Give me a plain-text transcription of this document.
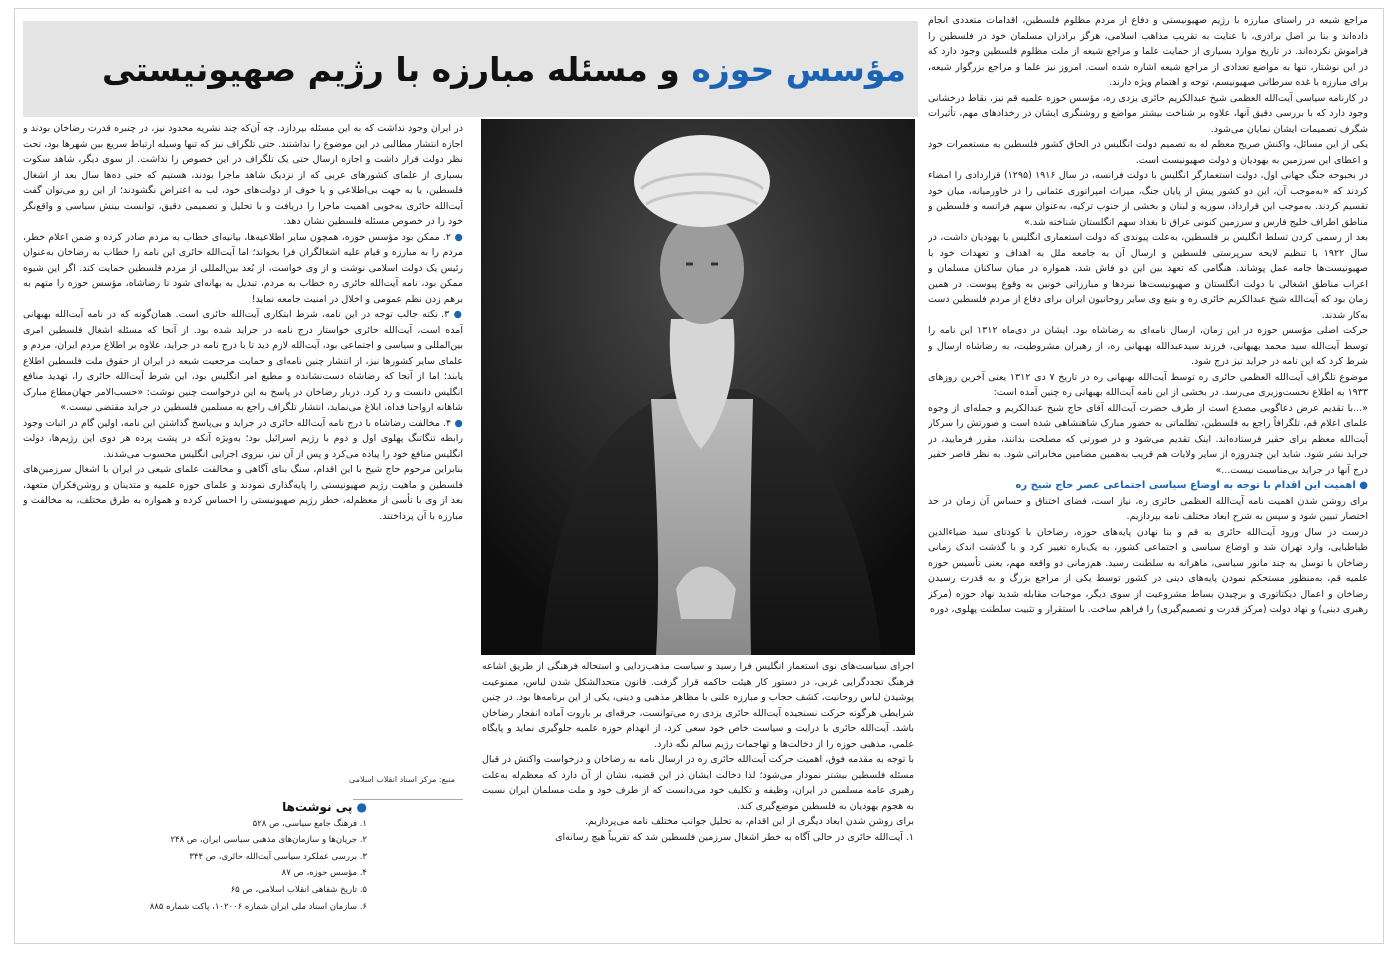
مراجع شیعه در راستای مبارزه با رژیم صهیونیستی و دفاع از مردم مظلوم فلسطین، اقدامات متعددی انجام داده‌اند و بنا بر اصل برادری، با عنایت به تقریب مذاهب اسلامی، هرگز برادران مسلمان خود در فلسطین را فراموش نکرده‌اند. در تاریخ موارد بسیاری از حمایت علما و مراجع شیعه از ملت مظلوم فلسطین وجود دارد که در این نوشتار، تنها به مواضع تعدادی از مراجع شیعه اشاره شده است. امروز نیز علما و مراجع بزرگوار شیعه، برای مبارزه با غده سرطانی صهیونیسم، توجه و اهتمام ویژه دارند.

در کارنامه سیاسی آیت‌الله العظمی شیخ عبدالکریم حائری یزدی ره، مؤسس حوزه علمیه قم نیز، نقاط درخشانی وجود دارد که با بررسی دقیق آنها، علاوه بر شناخت بیشتر مواضع و روشنگری ایشان در رخدادهای مهم، تأثیرات شگرف تصمیمات ایشان نمایان می‌شود.

یکی از این مسائل، واکنش صریح معظم له به تصمیم دولت انگلیس در الحاق کشور فلسطین به مستعمرات خود و اعطای این سرزمین به یهودیان و دولت صهیونیست است.

در بحبوحه جنگ جهانی اول، دولت استعمارگر انگلیس با دولت فرانسه، در سال ۱۹۱۶ (۱۲۹۵) قراردادی را امضاء کردند که «به‌موجب آن، این دو کشور پیش از پایان جنگ، میراث امپراتوری عثمانی را در خاورمیانه، میان خود تقسیم کردند. به‌موجب این قرارداد، سوریه و لبنان و بخشی از جنوب ترکیه، به‌عنوان سهم فرانسه و فلسطین و مناطق اطراف خلیج فارس و سرزمین کنونی عراق تا بغداد سهم انگلستان شناخته شد.»

بعد از رسمی کردن تسلط انگلیس بر فلسطین، به‌علت پیوندی که دولت استعماری انگلیس با یهودیان داشت، در سال ۱۹۲۲ با تنظیم لایحه سرپرستی فلسطین و ارسال آن به جامعه ملل به اهداف و تعهدات خود با صهیونیست‌ها جامه عمل پوشاند. هنگامی که تعهد بین این دو فاش شد، همواره در میان ساکنان مسلمان و اعراب مناطق اشغالی با دولت انگلستان و صهیونیست‌ها نبردها و مبارزاتی خونین به وقوع پیوست. در همین زمان بود که آیت‌الله شیخ عبدالکریم حائری ره و بتبع وی سایر روحانیون ایران برای دفاع از مردم فلسطین دست به‌کار شدند.

حرکت اصلی مؤسس حوزه در این زمان، ارسال نامه‌ای به رضاشاه بود. ایشان در دی‌ماه ۱۳۱۲ این نامه را توسط آیت‌الله سید محمد بهبهانی، فرزند سیدعبدالله بهبهانی ره، از رهبران مشروطیت، به رضاشاه ارسال و شرط کرد که این نامه در جراید نیز درج شود.

موضوع تلگراف آیت‌الله العظمی حائری ره توسط آیت‌الله بهبهانی ره در تاریخ ۷ دی ۱۳۱۲ یعنی آخرین روزهای ۱۹۳۳ به اطلاع نخست‌وزیری می‌رسد. در بخشی از این نامه آیت‌الله بهبهانی ره چنین آمده است:

«...با تقدیم عرض دعاگویی مصدع است از طرف حضرت آیت‌الله آقای حاج شیخ عبدالکریم و جمله‌ای از وجوه علمای اعلام قم، تلگرافاً راجع به فلسطین، تظلماتی به حضور مبارک شاهنشاهی شده است و صورتش را سرکار آیت‌الله معظم برای حقیر فرستاده‌اند. اینک تقدیم می‌شود و در صورتی که مصلحت بدانند، مقرر فرمایید، در جراید نشر شود. شاید این چندروزه از سایر ولایات هم قریب به‌همین مضامین مخابراتی شود. به نظر قاصر حقیر درج آنها در جراید بی‌مناسبت نیست...»

● اهمیت این اقدام با توجه به اوضاع سیاسی اجتماعی عصر حاج شیخ ره

برای روشن شدن اهمیت نامه آیت‌الله العظمی حائری ره، نیاز است، فضای اختناق و حساس آن زمان در حد اختصار تبیین شود و سپس به شرح ابعاد مختلف نامه بپردازیم.

درست در سال ورود آیت‌الله حائری به قم و بنا نهادن پایه‌های حوزه، رضاخان با کودتای سید ضیاءالدین طباطبایی، وارد تهران شد و اوضاع سیاسی و اجتماعی کشور، به یک‌باره تغییر کرد و با گذشت اندک زمانی رضاخان با توسل به چند مانور سیاسی، ماهرانه به سلطنت رسید. هم‌زمانی دو واقعه مهم، یعنی تأسیس حوزه علمیه قم، به‌منظور مستحکم نمودن پایه‌های دینی در کشور توسط یکی از مراجع بزرگ و به قدرت رسیدن رضاخان و اعمال دیکتاتوری و برچیدن بساط مشروعیت از سوی دیگر، موجبات مقابله شدید نهاد حوزه (مرکز رهبری دینی) و نهاد دولت (مرکز قدرت و تصمیم‌گیری) را فراهم ساخت. با استقرار و تثبیت سلطنت پهلوی، دوره

مؤسس حوزه و مسئله مبارزه با رژیم صهیونیستی

اجرای سیاست‌های نوی استعمار انگلیس فرا رسید و سیاست مذهب‌زدایی و استحاله فرهنگی از طریق اشاعه فرهنگ تجددگرایی غربی، در دستور کار هیئت حاکمه قرار گرفت. قانون متحدالشکل شدن لباس، ممنوعیت پوشیدن لباس روحانیت، کشف حجاب و مبارزه علنی با مظاهر مذهبی و دینی، یکی از این برنامه‌ها بود. در چنین شرایطی هرگونه حرکت نسنجیده آیت‌الله حائری یزدی ره می‌توانست، جرقه‌ای بر باروت آماده انفجار رضاخان باشد. آیت‌الله حائری با درایت و سیاست خاص خود سعی کرد، از انهدام حوزه علمیه جلوگیری نماید و پایگاه علمی، مذهبی حوزه را از دخالت‌ها و تهاجمات رژیم سالم نگه دارد.

با توجه به مقدمه فوق، اهمیت حرکت آیت‌الله حائری ره در ارسال نامه به رضاخان و درخواست واکنش در قبال مسئله فلسطین بیشتر نمودار می‌شود؛ لذا دخالت ایشان در این قضیه، نشان از آن دارد که معظم‌له به‌علت رهبری عامه مسلمین در ایران، وظیفه و تکلیف خود می‌دانست که از طرف خود و ملت مسلمان ایران نسبت به هجوم یهودیان به فلسطین موضع‌گیری کند.

برای روشن شدن ابعاد دیگری از این اقدام، به تحلیل جوانب مختلف نامه می‌پردازیم.

۱. آیت‌الله حائری در حالی آگاه به خطر اشغال سرزمین فلسطین شد که تقریباً هیچ رسانه‌ای

در ایران وجود نداشت که به این مسئله بپردازد. چه آن‌که چند نشریه محدود نیز، در چنبره قدرت رضاخان بودند و اجازه انتشار مطالبی در این موضوع را نداشتند. حتی تلگراف نیز که تنها وسیله ارتباط سریع بین شهرها بود، تحت نظر دولت قرار داشت و اجازه ارسال حتی یک تلگراف در این خصوص را نداشت. از سوی دیگر، شاهد سکوت بسیاری از علمای کشورهای عربی که از نزدیک شاهد ماجرا بودند، هستیم که حتی ده‌ها سال بعد از اشغال فلسطین، یا به جهت بی‌اطلاعی و یا خوف از دولت‌های خود، لب به اعتراض نگشودند؛ از این رو می‌توان گفت آیت‌الله حائری به‌خوبی اهمیت ماجرا را دریافت و با تحلیل و تصمیمی دقیق، توانست بینش سیاسی و واقع‌نگر خود را در خصوص مسئله فلسطین نشان دهد.

● ۲. ممکن بود مؤسس حوزه، همچون سایر اطلاعیه‌ها، بیانیه‌ای خطاب به مردم صادر کرده و ضمن اعلام خطر، مردم را به مبارزه و قیام علیه اشغالگران فرا بخواند؛ اما آیت‌الله حائری این نامه را خطاب به رضاخان به‌عنوان رئیس یک دولت اسلامی نوشت و از وی خواست، از بُعد بین‌المللی از مردم فلسطین حمایت کند. اگر این شیوه ممکن بود، نامه آیت‌الله حائری ره خطاب به مردم، تبدیل به بهانه‌ای شود تا رضاشاه، مؤسس حوزه را متهم به برهم زدن نظم عمومی و اخلال در امنیت جامعه نماید!

● ۳. نکته جالب توجه در این نامه، شرط ابتکاری آیت‌الله حائری است. همان‌گونه که در نامه آیت‌الله بهبهانی آمده است، آیت‌الله حائری خواستار درج نامه در جراید شده بود. از آنجا که مسئله اشغال فلسطین امری بین‌المللی و سیاسی و اجتماعی بود، آیت‌الله لازم دید تا با درج نامه در جراید، علاوه بر اطلاع مردم ایران، مردم و علمای سایر کشورها نیز، از انتشار چنین نامه‌ای و حمایت مرجعیت شیعه در ایران از حقوق ملت فلسطین اطلاع یابند؛ اما از آنجا که رضاشاه دست‌نشانده و مطیع امر انگلیس بود، این شرط آیت‌الله حائری را، تهدید منافع انگلیس دانست و رد کرد. دربار رضاخان در پاسخ به این درخواست چنین نوشت: «حسب‌الامر جهان‌مطاع مبارک شاهانه ارواحنا فداه، ابلاغ می‌نماید، انتشار تلگراف راجع به مسلمین فلسطین در جراید مقتضی نیست.»

● ۴. مخالفت رضاشاه با درج نامه آیت‌الله حائری در جراید و بی‌پاسخ گذاشتن این نامه، اولین گام در اثبات وجود رابطه تنگاتنگ پهلوی اول و دوم با رژیم اسرائیل بود؛ به‌ویژه آنکه در پشت پرده هر دوی این رژیم‌ها، دولت انگلیس منافع خود را پیاده می‌کرد و پس از آن نیز، نیروی اجرایی انگلیس محسوب می‌شدند.

بنابراین مرحوم حاج شیخ با این اقدام، سنگ بنای آگاهی و مخالفت علمای شیعی در ایران با اشغال سرزمین‌های فلسطین و ماهیت رژیم صهیونیستی را پایه‌گذاری نمودند و علمای حوزه علمیه و متدینان و روشن‌فکران متعهد، بعد از وی با تأسی از معظم‌له، خطر رژیم صهیونیستی را احساس کرده و همواره به طرق مختلف، به مخالفت و مبارزه با آن پرداختند.

منبع: مرکز اسناد انقلاب اسلامی
● پی نوشت‌ها
۱. فرهنگ جامع سیاسی، ص ۵۲۸
۲. جریان‌ها و سازمان‌های مذهبی سیاسی ایران، ص ۲۴۸
۳. بررسی عملکرد سیاسی آیت‌الله حائری، ص ۳۴۴
۴. مؤسس حوزه، ص ۸۷
۵. تاریخ شفاهی انقلاب اسلامی، ص ۶۵
۶. سازمان اسناد ملی ایران شماره ۱۰۲۰۰۶، پاکت شماره ۸۸۵
